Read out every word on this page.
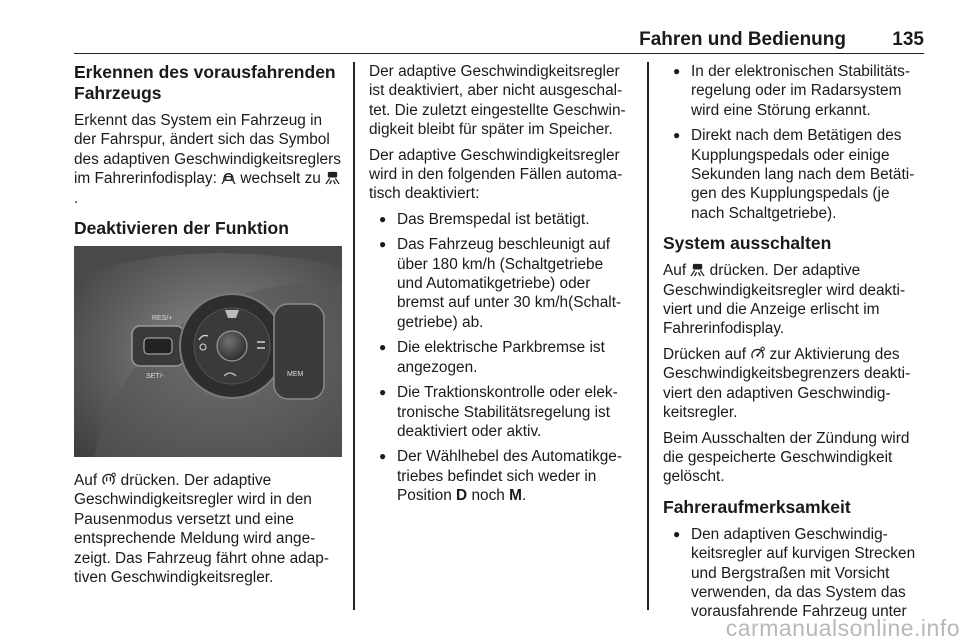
Fahren und Bedienung 135
Erkennen des vorausfahrenden Fahrzeugs

Erkennt das System ein Fahrzeug in der Fahrspur, ändert sich das Symbol des adaptiven Geschwindigkeitsreglers im Fahrerinfodisplay: wechselt zu .

Deaktivieren der Funktion
RES/+
SET/-	MEM

Auf drücken. Der adaptive Geschwindigkeitsregler wird in den Pausenmodus versetzt und eine entsprechende Meldung wird angezeigt. Das Fahrzeug fährt ohne adaptiven Geschwindigkeitsregler.

Der adaptive Geschwindigkeitsregler ist deaktiviert, aber nicht ausgeschaltet. Die zuletzt eingestellte Geschwindigkeit bleibt für später im Speicher.

Der adaptive Geschwindigkeitsregler wird in den folgenden Fällen automatisch deaktiviert:

● Das Bremspedal ist betätigt.
● Das Fahrzeug beschleunigt auf über 180 km/h (Schaltgetriebe und Automatikgetriebe) oder bremst auf unter 30 km/h(Schaltgetriebe) ab.
● Die elektrische Parkbremse ist angezogen.
● Die Traktionskontrolle oder elektronische Stabilitätsregelung ist deaktiviert oder aktiv.
● Der Wählhebel des Automatikgetriebes befindet sich weder in Position D noch M.
● In der elektronischen Stabilitätsregelung oder im Radarsystem wird eine Störung erkannt.
● Direkt nach dem Betätigen des Kupplungspedals oder einige Sekunden lang nach dem Betätigen des Kupplungspedals (je nach Schaltgetriebe).
System ausschalten

Auf drücken. Der adaptive Geschwindigkeitsregler wird deaktiviert und die Anzeige erlischt im Fahrerinfodisplay.

Drücken auf zur Aktivierung des Geschwindigkeitsbegrenzers deaktiviert den adaptiven Geschwindigkeitsregler.

Beim Ausschalten der Zündung wird die gespeicherte Geschwindigkeit gelöscht.

Fahreraufmerksamkeit
● Den adaptiven Geschwindigkeitsregler auf kurvigen Strecken und Bergstraßen mit Vorsicht verwenden, da das System das vorausfahrende Fahrzeug unter
carmanualsonline.info
